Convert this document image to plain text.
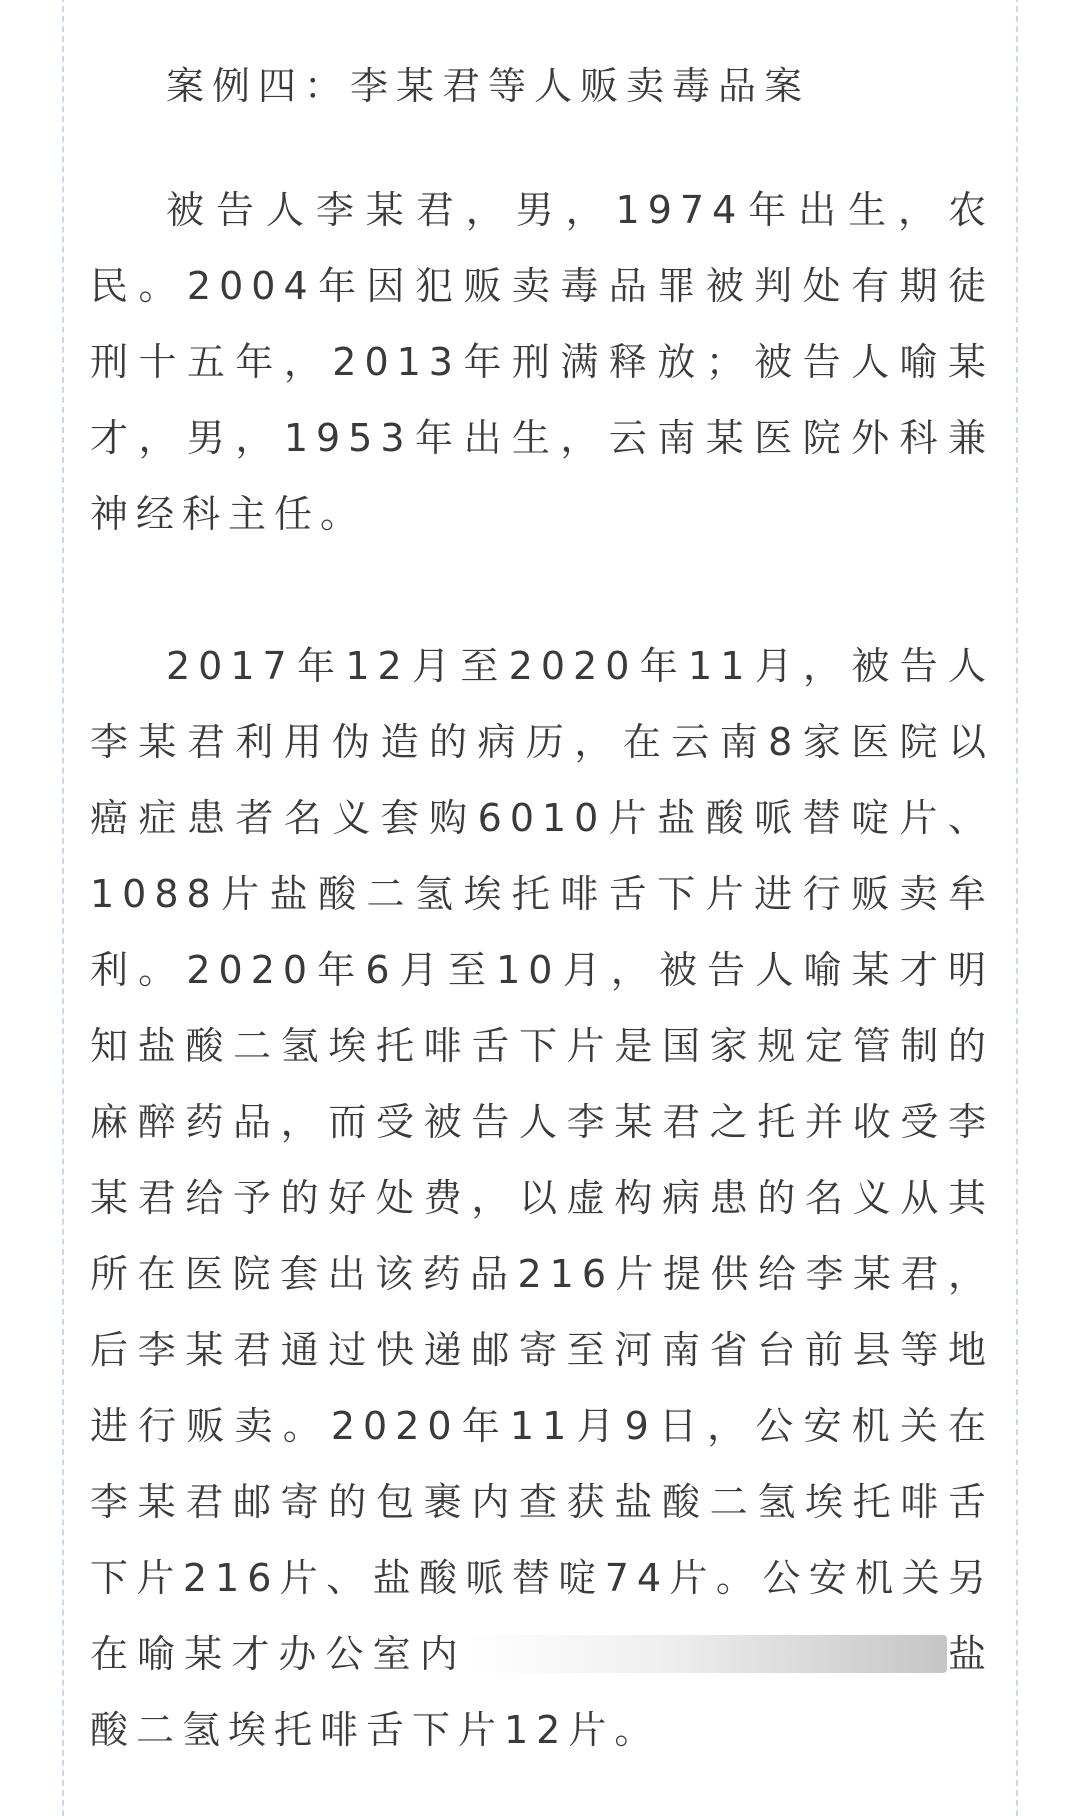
案例四：李某君等人贩卖毒品案

被告人李某君，男，1974年出生，农民。2004年因犯贩卖毒品罪被判处有期徒刑十五年，2013年刑满释放；被告人喻某才，男，1953年出生，云南某医院外科兼神经科主任。

2017年12月至2020年11月，被告人李某君利用伪造的病历，在云南8家医院以癌症患者名义套购6010片盐酸哌替啶片、1088片盐酸二氢埃托啡舌下片进行贩卖牟利。2020年6月至10月，被告人喻某才明知盐酸二氢埃托啡舌下片是国家规定管制的麻醉药品，而受被告人李某君之托并收受李某君给予的好处费，以虚构病患的名义从其所在医院套出该药品216片提供给李某君，后李某君通过快递邮寄至河南省台前县等地进行贩卖。2020年11月9日，公安机关在李某君邮寄的包裹内查获盐酸二氢埃托啡舌下片216片、盐酸哌替啶74片。公安机关另在喻某才办公室内	盐酸二氢埃托啡舌下片12片。
